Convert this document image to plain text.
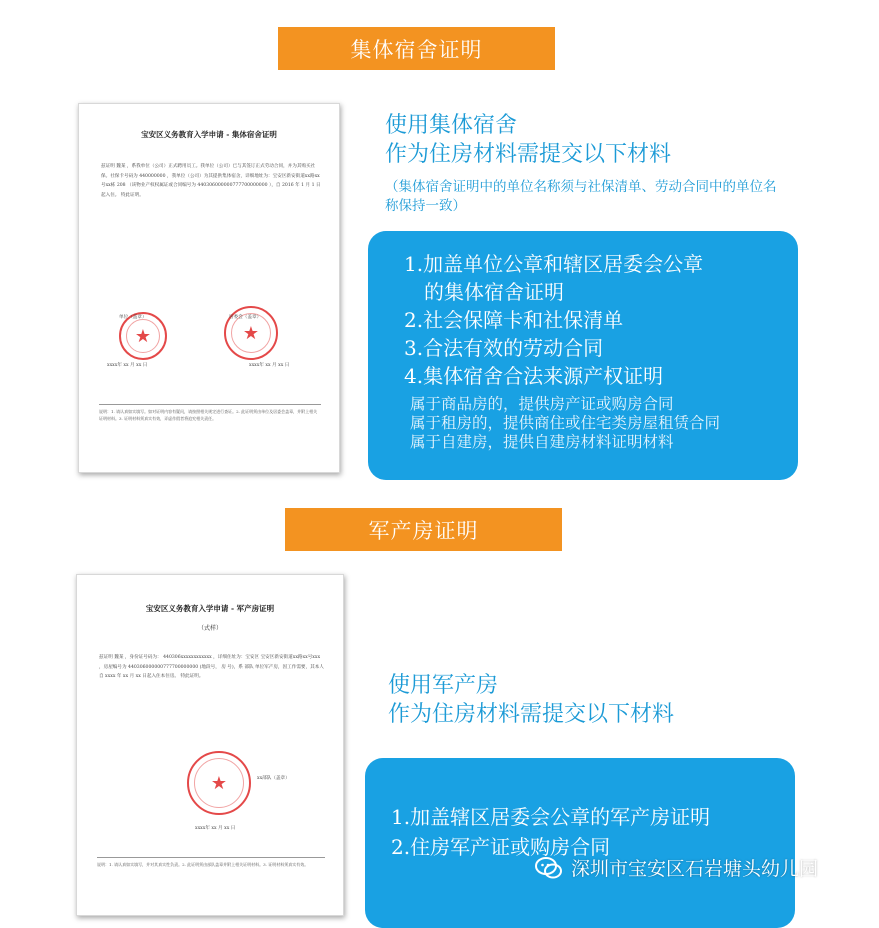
集体宿舍证明
宝安区义务教育入学申请 - 集体宿舍证明
兹证明 魏某 ，系我单位（公司）正式聘用员工。我单位（公司）已与其签订正式劳动合同，并为其购买社保。社保卡号码为 440000000 ，我单位（公司）为其提供集体宿舍，详细地址为：宝安区新安街道xx路xx号xx栋 208 （该物业产权权属证或合同编号为 440306000000777700000000 ），自 2016 年 1 月 1 日起入住。 特此证明。
★	★
单位（盖章）	居委会（盖章）
xxxx年 xx 月 xx 日	xxxx年 xx 月 xx 日
说明：1. 请认真如实填写。如对证明内容有疑问，请按照相关规定进行查证。2. 此证明须由单位及居委会盖章，并附上相关证明材料。3. 证明材料须真实有效，弄虚作假者将追究相关责任。
使用集体宿舍
作为住房材料需提交以下材料
（集体宿舍证明中的单位名称须与社保清单、劳动合同中的单位名称保持一致）
1.加盖单位公章和辖区居委会公章
的集体宿舍证明
2.社会保障卡和社保清单
3.合法有效的劳动合同
4.集体宿舍合法来源产权证明
属于商品房的，提供房产证或购房合同
属于租房的，提供商住或住宅类房屋租赁合同
属于自建房，提供自建房材料证明材料
军产房证明
宝安区义务教育入学申请 - 军产房证明
（式样）
兹证明 魏某 ，身份证号码为： 440306xxxxxxxxxxxx ，详细住址为：宝安区 宝安区新安街道xx路xx号xxx ，房屋编号为 440306000000777700000000 (地段号， 房 号)，系 部队 单位军产房，因工作需要，其本人自 xxxx 年 xx 月 xx 日起入住本住房。 特此证明。
★	xx部队（盖章）
xxxx年 xx 月 xx 日
说明：1. 请认真如实填写，并对其真实性负责。2. 此证明须由部队盖章并附上相关证明材料。3. 证明材料须真实有效。
使用军产房
作为住房材料需提交以下材料
1.加盖辖区居委会公章的军产房证明
2.住房军产证或购房合同
深圳市宝安区石岩塘头幼儿园
